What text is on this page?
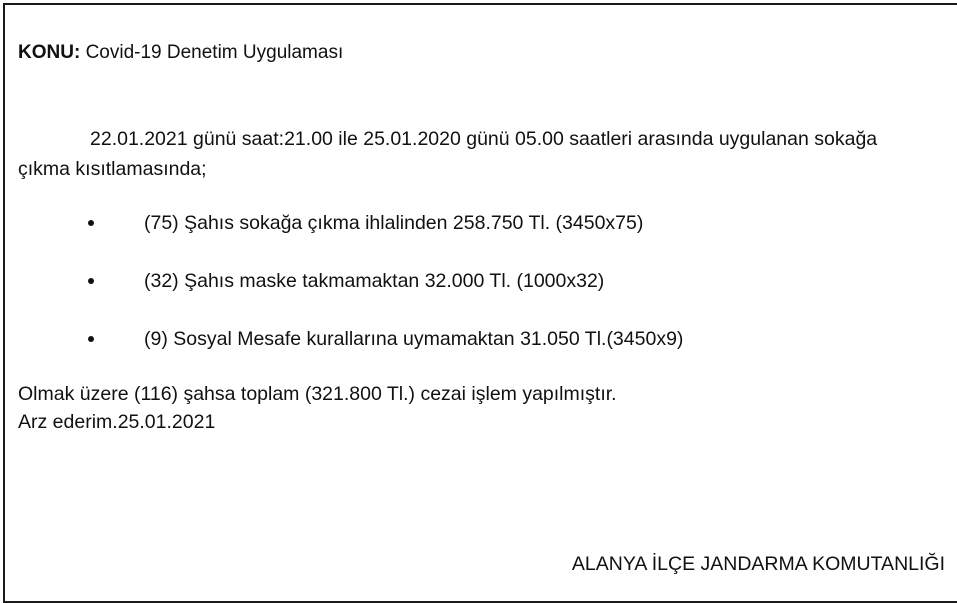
KONU: Covid-19 Denetim Uygulaması
22.01.2021 günü saat:21.00 ile 25.01.2020 günü 05.00 saatleri arasında uygulanan sokağa çıkma kısıtlamasında;
(75) Şahıs sokağa çıkma ihlalinden 258.750 Tl. (3450x75)
(32) Şahıs maske takmamaktan 32.000 Tl. (1000x32)
(9) Sosyal Mesafe kurallarına uymamaktan 31.050 Tl.(3450x9)
Olmak üzere (116) şahsa toplam (321.800 Tl.) cezai işlem yapılmıştır.
Arz ederim.25.01.2021
ALANYA İLÇE JANDARMA KOMUTANLIĞI
